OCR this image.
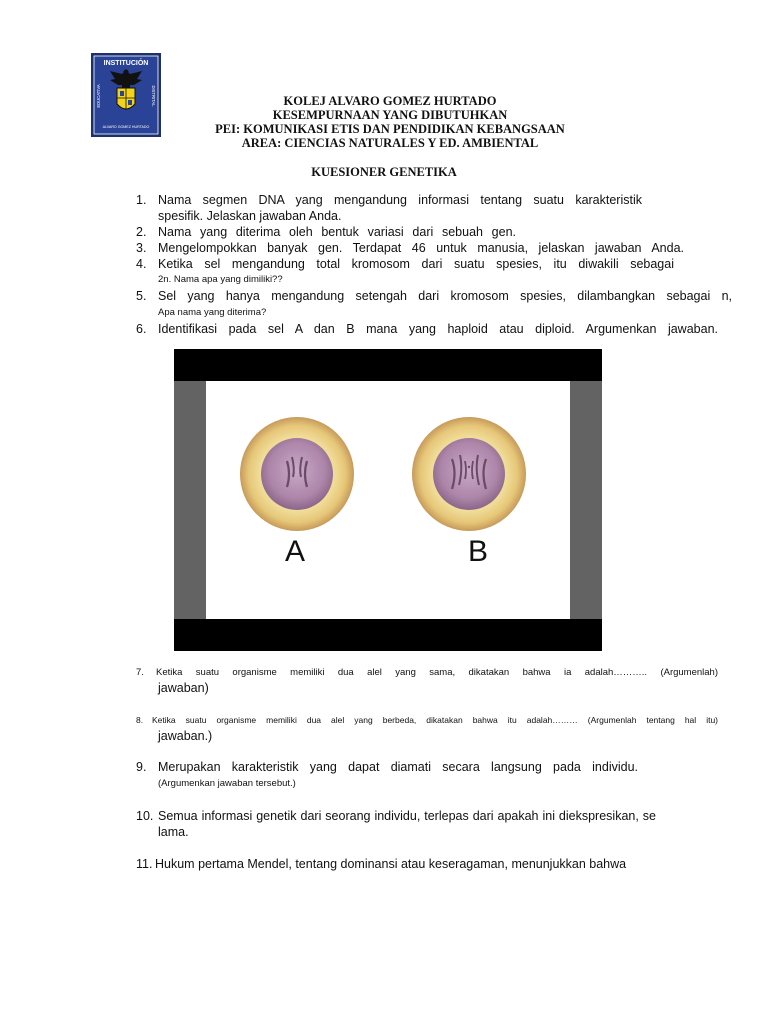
INSTITUCIÓN
EDUCATIVA	DISTRITAL
ALVARO GOMEZ HURTADO
KOLEJ ALVARO GOMEZ HURTADO
KESEMPURNAAN YANG DIBUTUHKAN
PEI: KOMUNIKASI ETIS DAN PENDIDIKAN KEBANGSAAN
AREA: CIENCIAS NATURALES Y ED. AMBIENTAL
KUESIONER GENETIKA
1. Nama segmen DNA yang mengandung informasi tentang suatu karakteristik
spesifik. Jelaskan jawaban Anda.
2. Nama yang diterima oleh bentuk variasi dari sebuah gen.
3. Mengelompokkan banyak gen. Terdapat 46 untuk manusia, jelaskan jawaban Anda.
4. Ketika sel mengandung total kromosom dari suatu spesies, itu diwakili sebagai
2n. Nama apa yang dimiliki??
5. Sel yang hanya mengandung setengah dari kromosom spesies, dilambangkan sebagai n,
Apa nama yang diterima?
6. Identifikasi pada sel A dan B mana yang haploid atau diploid. Argumenkan jawaban.
A	B
7. Ketika suatu organisme memiliki dua alel yang sama, dikatakan bahwa ia adalah……….. (Argumenlah)
jawaban)
8. Ketika suatu organisme memiliki dua alel yang berbeda, dikatakan bahwa itu adalah……… (Argumenlah tentang hal itu)
jawaban.)
9. Merupakan karakteristik yang dapat diamati secara langsung pada individu.
(Argumenkan jawaban tersebut.)
10. Semua informasi genetik dari seorang individu, terlepas dari apakah ini diekspresikan, se
lama.
11. Hukum pertama Mendel, tentang dominansi atau keseragaman, menunjukkan bahwa
